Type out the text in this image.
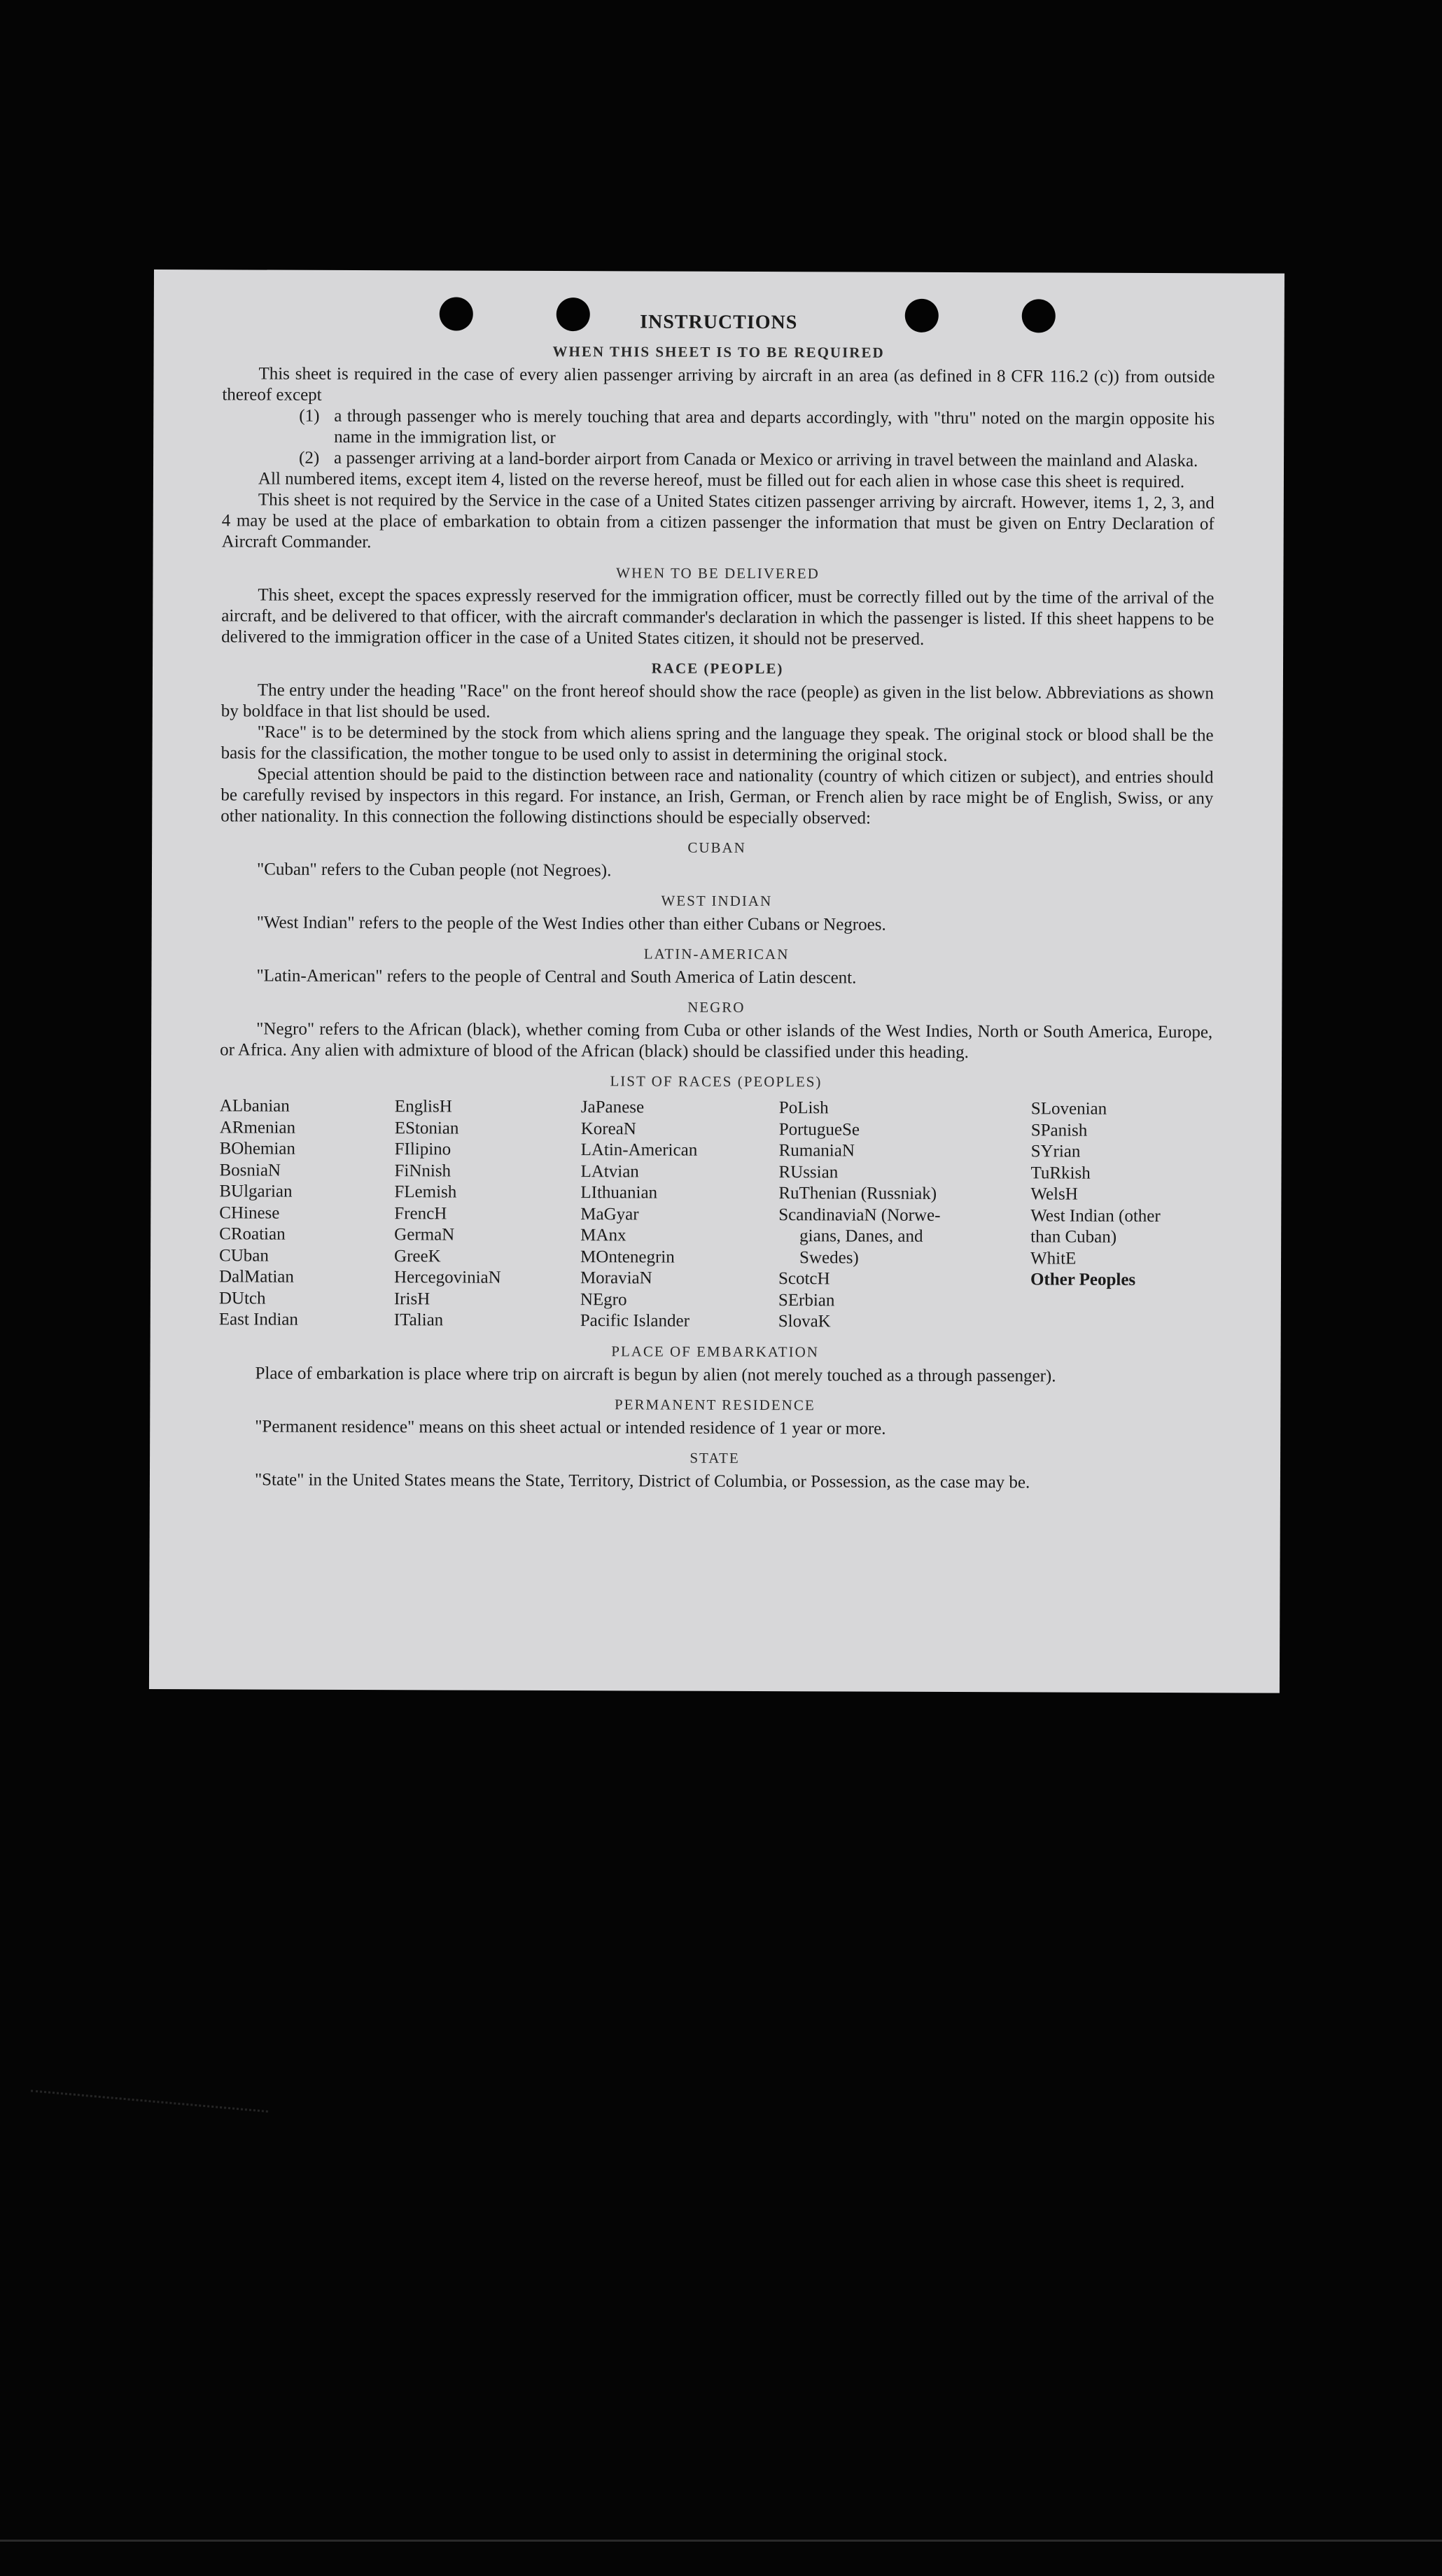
INSTRUCTIONS
WHEN THIS SHEET IS TO BE REQUIRED

This sheet is required in the case of every alien passenger arriving by aircraft in an area (as defined in 8 CFR 116.2 (c)) from outside thereof except

(1) a through passenger who is merely touching that area and departs accordingly, with "thru" noted on the margin opposite his name in the immigration list, or
(2) a passenger arriving at a land-border airport from Canada or Mexico or arriving in travel between the mainland and Alaska.

All numbered items, except item 4, listed on the reverse hereof, must be filled out for each alien in whose case this sheet is required.

This sheet is not required by the Service in the case of a United States citizen passenger arriving by aircraft. However, items 1, 2, 3, and 4 may be used at the place of embarkation to obtain from a citizen passenger the information that must be given on Entry Declaration of Aircraft Commander.

WHEN TO BE DELIVERED

This sheet, except the spaces expressly reserved for the immigration officer, must be correctly filled out by the time of the arrival of the aircraft, and be delivered to that officer, with the aircraft commander's declaration in which the passenger is listed. If this sheet happens to be delivered to the immigration officer in the case of a United States citizen, it should not be preserved.

RACE (PEOPLE)

The entry under the heading "Race" on the front hereof should show the race (people) as given in the list below. Abbreviations as shown by boldface in that list should be used.

"Race" is to be determined by the stock from which aliens spring and the language they speak. The original stock or blood shall be the basis for the classification, the mother tongue to be used only to assist in determining the original stock.

Special attention should be paid to the distinction between race and nationality (country of which citizen or subject), and entries should be carefully revised by inspectors in this regard. For instance, an Irish, German, or French alien by race might be of English, Swiss, or any other nationality. In this connection the following distinctions should be especially observed:

CUBAN

"Cuban" refers to the Cuban people (not Negroes).

WEST INDIAN

"West Indian" refers to the people of the West Indies other than either Cubans or Negroes.

LATIN-AMERICAN

"Latin-American" refers to the people of Central and South America of Latin descent.

NEGRO

"Negro" refers to the African (black), whether coming from Cuba or other islands of the West Indies, North or South America, Europe, or Africa. Any alien with admixture of blood of the African (black) should be classified under this heading.

LIST OF RACES (PEOPLES)
ALbanian
ARmenian
BOhemian
BosniaN
BUlgarian
CHinese
CRoatian
CUban
DalMatian
DUtch
East Indian
EnglisH
EStonian
FIlipino
FiNnish
FLemish
FrencH
GermaN
GreeK
HercegoviniaN
IrisH
ITalian
JaPanese
KoreaN
LAtin-American
LAtvian
LIthuanian
MaGyar
MAnx
MOntenegrin
MoraviaN
NEgro
Pacific Islander
PoLish
PortugueSe
RumaniaN
RUssian
RuThenian (Russniak)
ScandinaviaN (Norwe-
gians, Danes, and
Swedes)
ScotcH
SErbian
SlovaK
SLovenian
SPanish
SYrian
TuRkish
WelsH
West Indian (other
than Cuban)
WhitE
Other Peoples
PLACE OF EMBARKATION

Place of embarkation is place where trip on aircraft is begun by alien (not merely touched as a through passenger).

PERMANENT RESIDENCE

"Permanent residence" means on this sheet actual or intended residence of 1 year or more.

STATE

"State" in the United States means the State, Territory, District of Columbia, or Possession, as the case may be.
